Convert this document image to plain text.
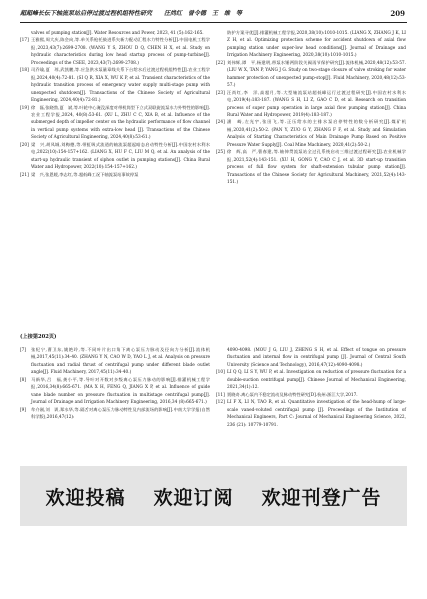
超超峰长伝下轴流泵站启停过渡过程机组特性研究　　汪尚红　曾令德　王　维　等	209
valves of pumping station[J]. Water Resources and Power, 2023, 41 (5):162-165.
[17] 王雅熙,周大庆,陈会向,等.单关系枪托鼓进系矢新力配动汇程水力特性分析[J].中国电机工程学报,2023,43(7):2699-2708. (WANG Y S, ZHOU D Q, CHEN H X, et al. Study on hydraulic characteristics during low head startup process of pump-turbine[J]. Proceedings of the CSEE, 2023,43(7):2699-2708.)
[18] 司乔瑜,夏　琼,武凯鹏,等.应急供水泵量章线关系下台给水后过渡过程机组特性[J].农业工程学报,2024,40(4):72-81. (SI Q R, XIA X, WU K P, et al. Transient characteristics of the hydraulic transition process of emergency water supply multi-stage pump with unexpected shutdown[J]. Transactions of the Chinese Society of Agricultural Engineering, 2024,40(4):72-81.)
[19] 徐　磊,张晓勃,夏　斌,等.叶轮中心淹没深度对带机筒型下立式双联旋流泵水力外特性的影响[J].农业工程学报,2024, 40(8):53-61. (XU L, ZHU C C, XIA B, et al. Influence of the submerged depth of impeller center on the hydraulic performance of flow channel in vertical pump systems with extra-low head [J]. Transactions of the Chinese Society of Agricultural Engineering, 2024,40(8):53-61.)
[20] 梁　兴,胡凤城,刘梅德,等.带虹吸式流道的轴流泵超起暗态启动特性分析[J].中国农村水利水电,2022(10):154-157+162. (LIANG X, HU F C, LIU M Q, et al. An analysis of the start-up hydraulic transient of siphon outlet in pumping stations[J]. China Rural Water and Hydropower, 2022(10):154-157+162.)
[21] 梁　兴,张恩媛,李志红,等.超低峰工况下轴流泵站事故停泵
防护方案寻优[J].排灌机械工程学报,2020,38(10):1010-1015. (LIANG X, ZHANG J K, LI Z H, et al. Optimizing protection scheme for accident shutdown of axial flow pumping station under super-low head conditions[J]. Journal of Drainage and Irrigation Machinery Engineering, 2020,38(10):1010-1015.)
[22] 刘伟辉,谭　平,杨建明,带泵水锤两阶段关阀再节保护研究[J].流体机械,2020,48(12):53-57. (LIU W X, TAN P, YANG J G. Study on two-stage closure of valve stroking for water hammer protection of unexpected pump-stop[J]. Fluid Machinery, 2020,48(12):53-57.)
[23] 汪尚红,李　洋,高超月,等.大型轴流泵站超低峰运行过渡过程研究[J].中国农村水利水电,2019(4):183-187. (WANG S H, LI Z, GAO C D, et al. Research on transition process of super pump operation in large axial flow pumping station[J]. China Rural Water and Hydropower, 2019(4):183-187.)
[24] 潘　崎,左光宇,张田飞,等.正压给水的主排水泵启停特性的数分析研究[J].煤矿机械,2020,41(2):50-2. (PAN Y, ZUO G Y, ZHANG F F, et al. Study and Simulation Analysis of Starting Characteristics of Main Drainage Pump Based on Positive Pressure Water Supply[J]. Coal Mine Machinery, 2020,41(2):50-2.)
[25] 徐　辉,高　严,曹春建,等.轴伸贯流泵站全过孔系统启动三维过渡过程研究[J].农业机械学报,2021,52(4):143-151. (XU H, GONG Y, CAO C J, et al. 3D start-up transition process of full flow system for shaft-extension tubular pump station[J]. Transactions of the Chinese Society for Agricultural Machinery, 2021,52(4):143-151.)
(上接第202页)
[7] 张纪宁,曹卫东,姚艳玲,等.不同叶片出口角下离心泵压力脉动及径向力分析[J].流体机械,2017,45(11):34-40. (ZHANG Y N, CAO W D, YAO L J, et al. Analysis on pressure fluctuation and radial thrust of centrifugal pump under different blade outlet angle[J]. Fluid Machinery, 2017,45(11):34-40.)
[8] 马新华,吕　福,龚小平,等.导叶对开数对多级离心泵压力脉动的影响[J].排灌机械工程学报,2016,34(8):665-671. (MA X H, FENG Q, JIANG X P, et al. Influence of guide vane blade number on pressure fluctuation in multistage centrifugal pump[J]. Journal of Drainage and Irrigation Machinery Engineering, 2016,34 (8):665-671.)
[9] 牟介刚,刘　训,郑水华,等.隔舌对离心泵压力脉动特性及内部流场的影响[J].中南大学学报(自然科学版),2016,47(12):
4090-4098. (MOU J G, LIU J, ZHENG S H, et al. Effect of tongue on pressure fluctuation and internal flow in centrifugal pump [J]. Journal of Central South University (Science and Technology), 2016,47(12):4090-4098.)
[10] LI Q Q, LI S Y, WU P, et al. Investigation on reduction of pressure fluctuation for a double-suction centrifugal pump[J]. Chinese Journal of Mechanical Engineering, 2021,34(1):12.
[11] 贾晓奇.离心泵内不稳定流动及脉动特性研究[D].杭州:浙江大学,2017.
[12] LI F X, LI N, TAO R, et al. Quantitative investigation of the head-hump of large-scale vaned-voluted centrifugal pump [J]. Proceedings of the Institution of Mechanical Engineers, Part C: Journal of Mechanical Engineering Science, 2022, 236 (21): 10779-10791.
欢迎投稿 欢迎订阅 欢迎刊登广告
